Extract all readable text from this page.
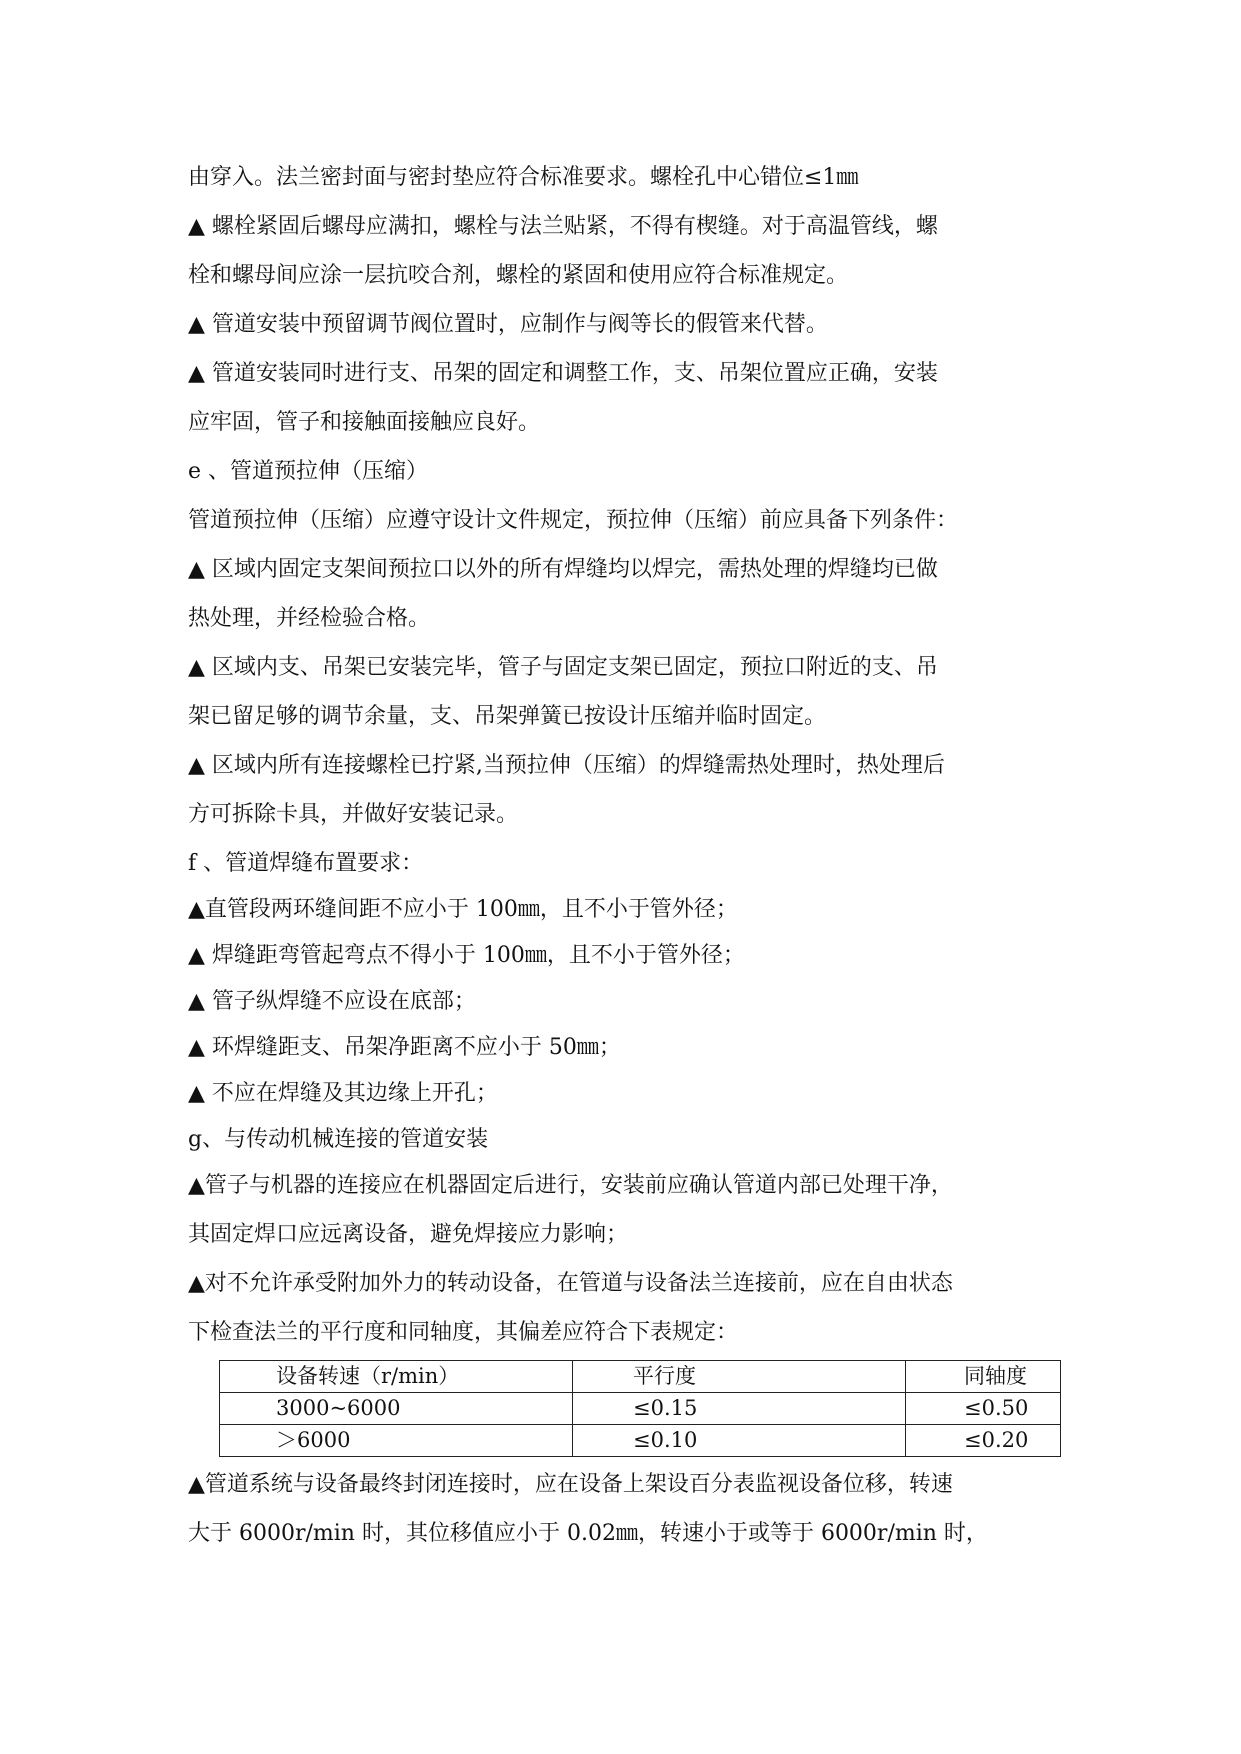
由穿入。法兰密封面与密封垫应符合标准要求。螺栓孔中心错位≤1㎜

▲ 螺栓紧固后螺母应满扣，螺栓与法兰贴紧，不得有楔缝。对于高温管线，螺

栓和螺母间应涂一层抗咬合剂，螺栓的紧固和使用应符合标准规定。

▲ 管道安装中预留调节阀位置时，应制作与阀等长的假管来代替。

▲ 管道安装同时进行支、吊架的固定和调整工作，支、吊架位置应正确，安装

应牢固，管子和接触面接触应良好。

e 、管道预拉伸（压缩）

管道预拉伸（压缩）应遵守设计文件规定，预拉伸（压缩）前应具备下列条件：

▲ 区域内固定支架间预拉口以外的所有焊缝均以焊完，需热处理的焊缝均已做

热处理，并经检验合格。

▲ 区域内支、吊架已安装完毕，管子与固定支架已固定，预拉口附近的支、吊

架已留足够的调节余量，支、吊架弹簧已按设计压缩并临时固定。

▲ 区域内所有连接螺栓已拧紧,当预拉伸（压缩）的焊缝需热处理时，热处理后

方可拆除卡具，并做好安装记录。

f 、管道焊缝布置要求：

▲直管段两环缝间距不应小于 100㎜，且不小于管外径；

▲ 焊缝距弯管起弯点不得小于 100㎜，且不小于管外径；

▲ 管子纵焊缝不应设在底部；

▲ 环焊缝距支、吊架净距离不应小于 50㎜；

▲ 不应在焊缝及其边缘上开孔；

g、与传动机械连接的管道安装

▲管子与机器的连接应在机器固定后进行，安装前应确认管道内部已处理干净，

其固定焊口应远离设备，避免焊接应力影响；

▲对不允许承受附加外力的转动设备，在管道与设备法兰连接前，应在自由状态

下检查法兰的平行度和同轴度，其偏差应符合下表规定：

设备转速（r/min）	平行度	同轴度
3000~6000	≤0.15	≤0.50
＞6000	≤0.10	≤0.20

▲管道系统与设备最终封闭连接时，应在设备上架设百分表监视设备位移，转速

大于 6000r/min 时，其位移值应小于 0.02㎜，转速小于或等于 6000r/min 时，
